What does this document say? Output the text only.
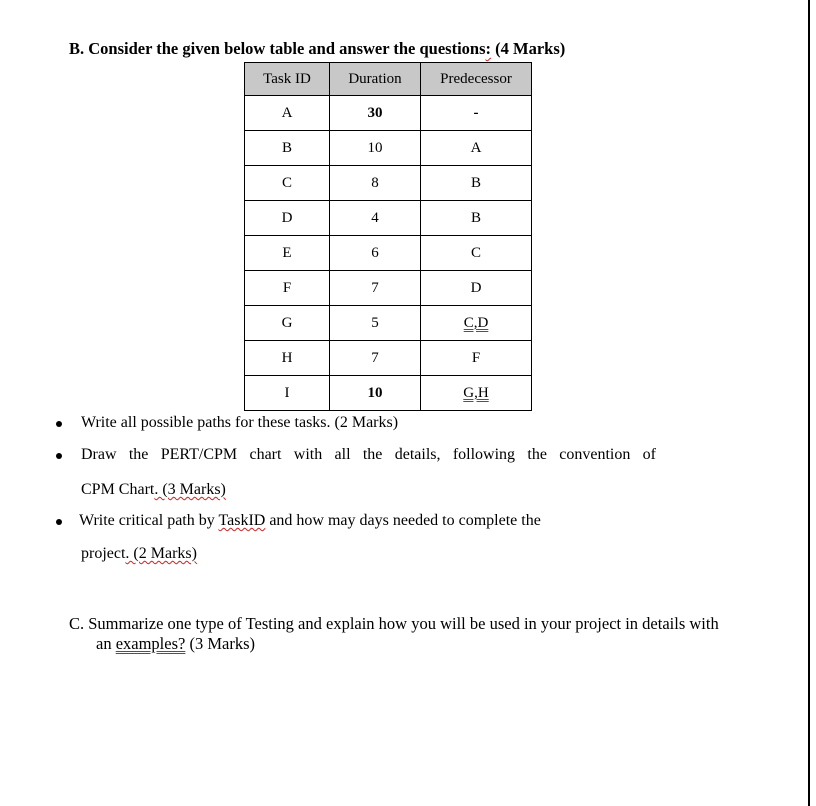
B. Consider the given below table and answer the questions: (4 Marks)
Task ID	Duration	Predecessor
A	30	-
B	10	A
C	8	B
D	4	B
E	6	C
F	7	D
G	5	C,D
H	7	F
I	10	G,H
Write all possible paths for these tasks. (2 Marks)
Draw the PERT/CPM chart with all the details, following the convention of
CPM Chart. (3 Marks)
Write critical path by TaskID and how may days needed to complete the
project. (2 Marks)
C. Summarize one type of Testing and explain how you will be used in your project in details with
an examples? (3 Marks)
